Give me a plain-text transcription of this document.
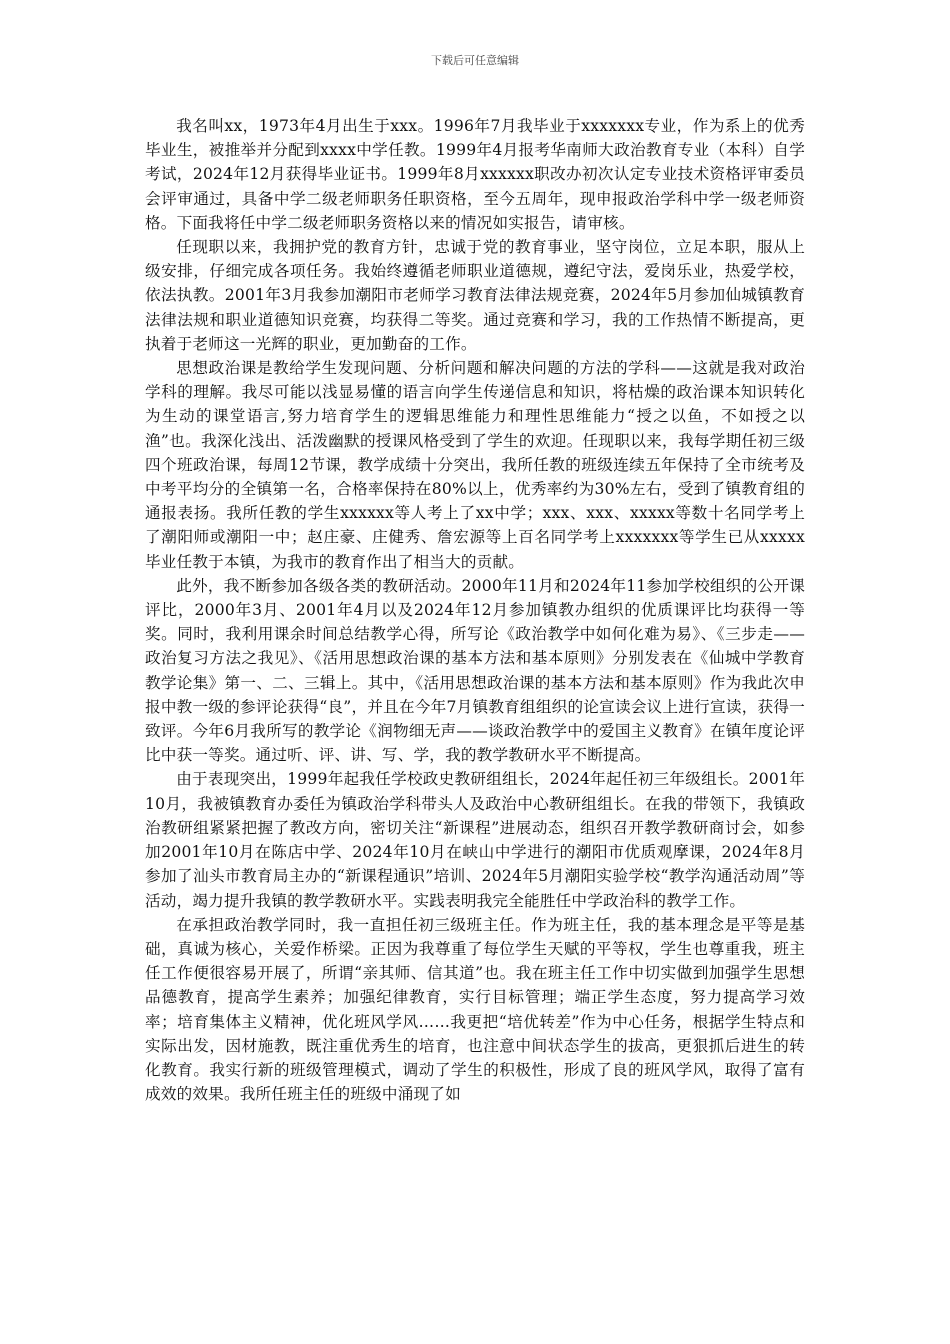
下载后可任意编辑

我名叫xx，1973年4月出生于xxx。1996年7月我毕业于xxxxxxx专业，作为系上的优秀毕业生，被推举并分配到xxxx中学任教。1999年4月报考华南师大政治教育专业（本科）自学考试，2024年12月获得毕业证书。1999年8月xxxxxx职改办初次认定专业技术资格评审委员会评审通过，具备中学二级老师职务任职资格，至今五周年，现申报政治学科中学一级老师资格。下面我将任中学二级老师职务资格以来的情况如实报告，请审核。

任现职以来，我拥护党的教育方针，忠诚于党的教育事业，坚守岗位，立足本职，服从上级安排，仔细完成各项任务。我始终遵循老师职业道德规，遵纪守法，爱岗乐业，热爱学校，依法执教。2001年3月我参加潮阳市老师学习教育法律法规竞赛，2024年5月参加仙城镇教育法律法规和职业道德知识竞赛，均获得二等奖。通过竞赛和学习，我的工作热情不断提高，更执着于老师这一光辉的职业，更加勤奋的工作。

思想政治课是教给学生发现问题、分析问题和解决问题的方法的学科——这就是我对政治学科的理解。我尽可能以浅显易懂的语言向学生传递信息和知识，将枯燥的政治课本知识转化为生动的课堂语言,努力培育学生的逻辑思维能力和理性思维能力“授之以鱼，不如授之以渔”也。我深化浅出、活泼幽默的授课风格受到了学生的欢迎。任现职以来，我每学期任初三级四个班政治课，每周12节课，教学成绩十分突出，我所任教的班级连续五年保持了全市统考及中考平均分的全镇第一名，合格率保持在80%以上，优秀率约为30%左右，受到了镇教育组的通报表扬。我所任教的学生xxxxxx等人考上了xx中学；xxx、xxx、xxxxx等数十名同学考上了潮阳师或潮阳一中；赵庄豪、庄健秀、詹宏源等上百名同学考上xxxxxxx等学生已从xxxxx毕业任教于本镇，为我市的教育作出了相当大的贡献。

此外，我不断参加各级各类的教研活动。2000年11月和2024年11参加学校组织的公开课评比，2000年3月、2001年4月以及2024年12月参加镇教办组织的优质课评比均获得一等奖。同时，我利用课余时间总结教学心得，所写论《政治教学中如何化难为易》、《三步走——政治复习方法之我见》、《活用思想政治课的基本方法和基本原则》分别发表在《仙城中学教育教学论集》第一、二、三辑上。其中，《活用思想政治课的基本方法和基本原则》作为我此次申报中教一级的参评论获得“良”，并且在今年7月镇教育组组织的论宣读会议上进行宣读，获得一致评。今年6月我所写的教学论《润物细无声——谈政治教学中的爱国主义教育》在镇年度论评比中获一等奖。通过听、评、讲、写、学，我的教学教研水平不断提高。

由于表现突出，1999年起我任学校政史教研组组长，2024年起任初三年级组长。2001年10月，我被镇教育办委任为镇政治学科带头人及政治中心教研组组长。在我的带领下，我镇政治教研组紧紧把握了教改方向，密切关注“新课程”进展动态，组织召开教学教研商讨会，如参加2001年10月在陈店中学、2024年10月在峡山中学进行的潮阳市优质观摩课，2024年8月参加了汕头市教育局主办的“新课程通识”培训、2024年5月潮阳实验学校“教学沟通活动周”等活动，竭力提升我镇的教学教研水平。实践表明我完全能胜任中学政治科的教学工作。

在承担政治教学同时，我一直担任初三级班主任。作为班主任，我的基本理念是平等是基础，真诚为核心，关爱作桥梁。正因为我尊重了每位学生天赋的平等权，学生也尊重我，班主任工作便很容易开展了，所谓“亲其师、信其道”也。我在班主任工作中切实做到加强学生思想品德教育，提高学生素养；加强纪律教育，实行目标管理；端正学生态度，努力提高学习效率；培育集体主义精神，优化班风学风……我更把“培优转差”作为中心任务，根据学生特点和实际出发，因材施教，既注重优秀生的培育，也注意中间状态学生的拔高，更狠抓后进生的转化教育。我实行新的班级管理模式，调动了学生的积极性，形成了良的班风学风，取得了富有成效的效果。我所任班主任的班级中涌现了如
